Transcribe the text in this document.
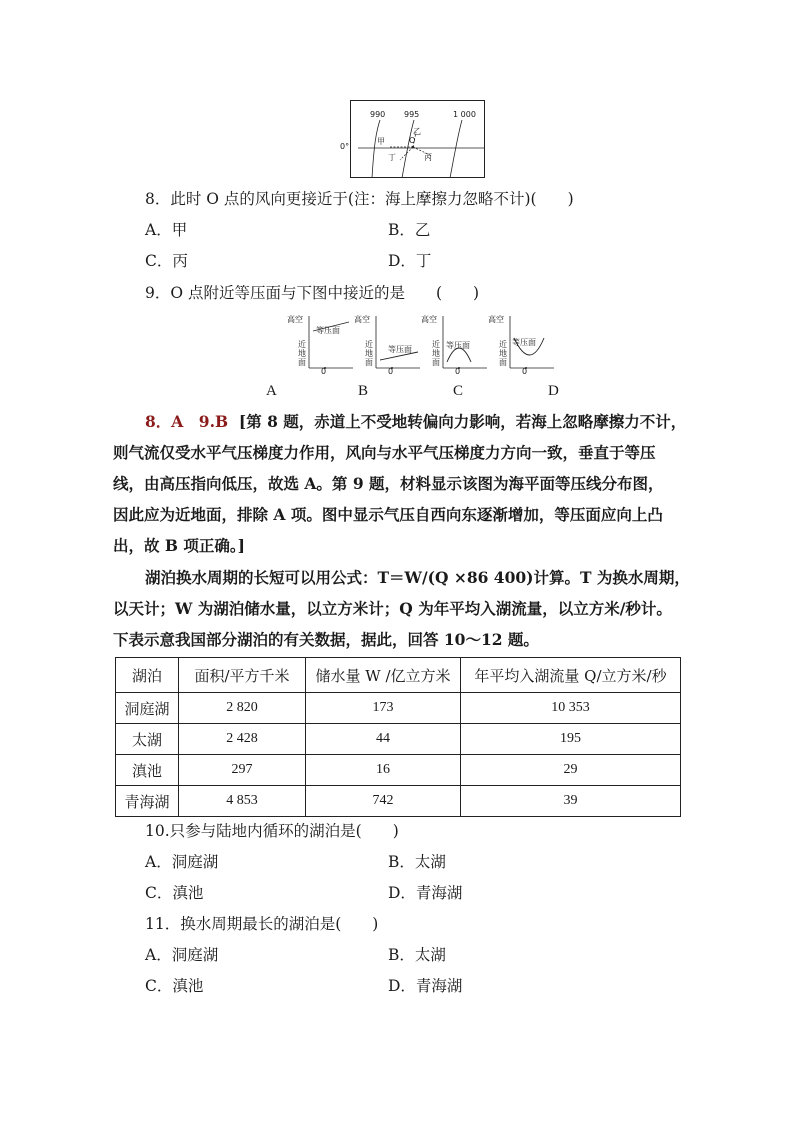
990 995	1 000
0°
O
甲
乙
丙
丁
8．此时 O 点的风向更接近于(注：海上摩擦力忽略不计)(　　)
A．甲	B．乙
C．丙	D．丁
9．O 点附近等压面与下图中接近的是　　(　　)
高空
近地面
等压面
0
高空
近地面
等压面
0
高空
近地面
等压面
0
高空
近地面
等压面
0
A	B	C	D
8．A　9.B [第 8 题，赤道上不受地转偏向力影响，若海上忽略摩擦力不计，
则气流仅受水平气压梯度力作用，风向与水平气压梯度力方向一致，垂直于等压
线，由高压指向低压，故选 A。第 9 题，材料显示该图为海平面等压线分布图，
因此应为近地面，排除 A 项。图中显示气压自西向东逐渐增加，等压面应向上凸
出，故 B 项正确。]
湖泊换水周期的长短可以用公式：T＝W/(Q ×86 400)计算。T 为换水周期，
以天计；W 为湖泊储水量，以立方米计；Q 为年平均入湖流量，以立方米/秒计。
下表示意我国部分湖泊的有关数据，据此，回答 10～12 题。
湖泊	面积/平方千米	储水量 W /亿立方米	年平均入湖流量 Q/立方米/秒
洞庭湖	2 820	173	10 353
太湖	2 428	44	195
滇池	297	16	29
青海湖	4 853	742	39
10.只参与陆地内循环的湖泊是(　　)
A．洞庭湖	B．太湖
C．滇池	D．青海湖
11．换水周期最长的湖泊是(　　)
A．洞庭湖	B．太湖
C．滇池	D．青海湖
